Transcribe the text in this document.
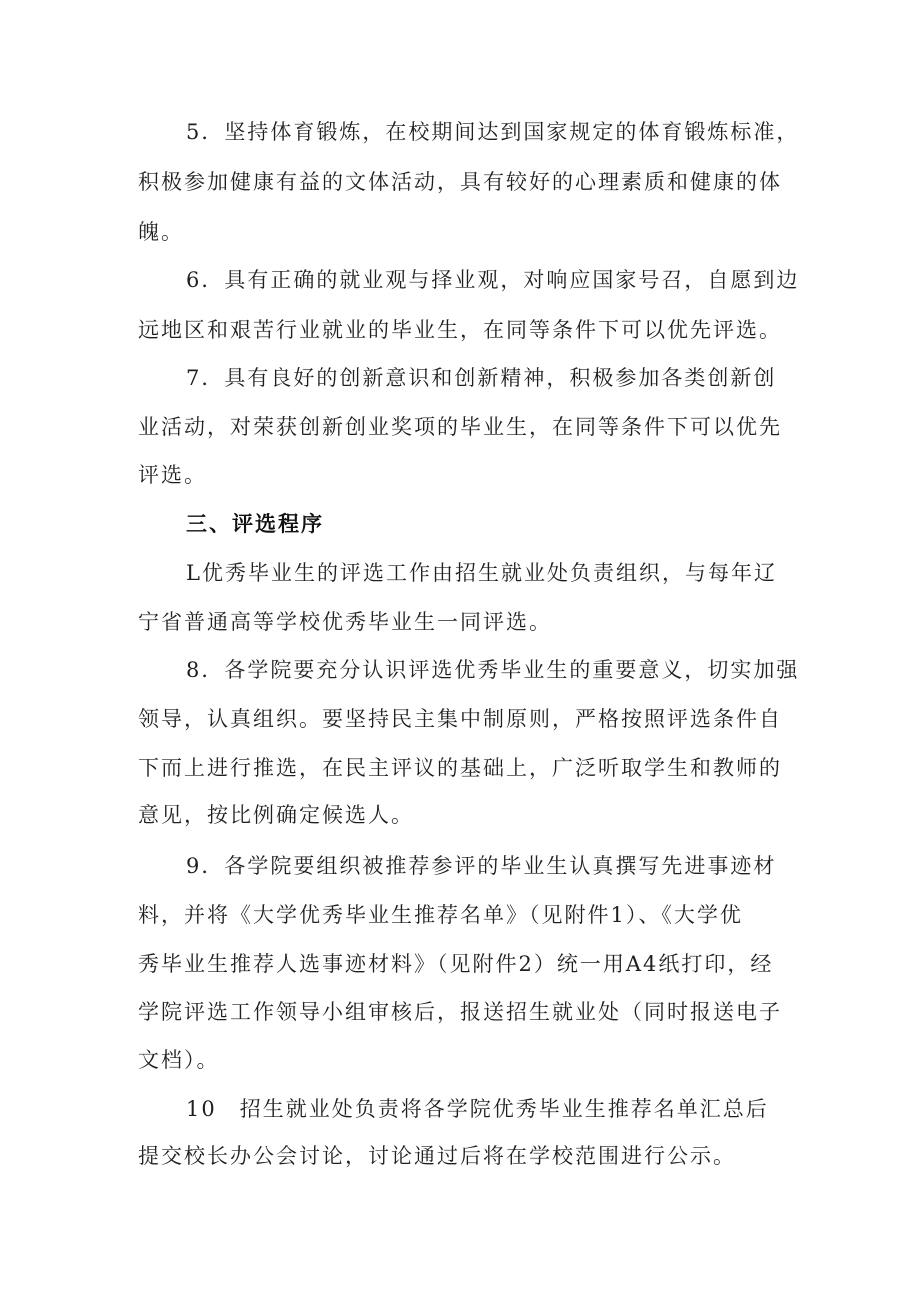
5．坚持体育锻炼，在校期间达到国家规定的体育锻炼标准，

积极参加健康有益的文体活动，具有较好的心理素质和健康的体

魄。

6．具有正确的就业观与择业观，对响应国家号召，自愿到边

远地区和艰苦行业就业的毕业生，在同等条件下可以优先评选。

7．具有良好的创新意识和创新精神，积极参加各类创新创

业活动，对荣获创新创业奖项的毕业生，在同等条件下可以优先

评选。

三、评选程序

L优秀毕业生的评选工作由招生就业处负责组织，与每年辽

宁省普通高等学校优秀毕业生一同评选。

8．各学院要充分认识评选优秀毕业生的重要意义，切实加强

领导，认真组织。要坚持民主集中制原则，严格按照评选条件自

下而上进行推选，在民主评议的基础上，广泛听取学生和教师的

意见，按比例确定候选人。

9．各学院要组织被推荐参评的毕业生认真撰写先进事迹材

料，并将《大学优秀毕业生推荐名单》（见附件1）、《大学优

秀毕业生推荐人选事迹材料》（见附件2）统一用A4纸打印，经

学院评选工作领导小组审核后，报送招生就业处（同时报送电子

文档）。

10　招生就业处负责将各学院优秀毕业生推荐名单汇总后

提交校长办公会讨论，讨论通过后将在学校范围进行公示。
